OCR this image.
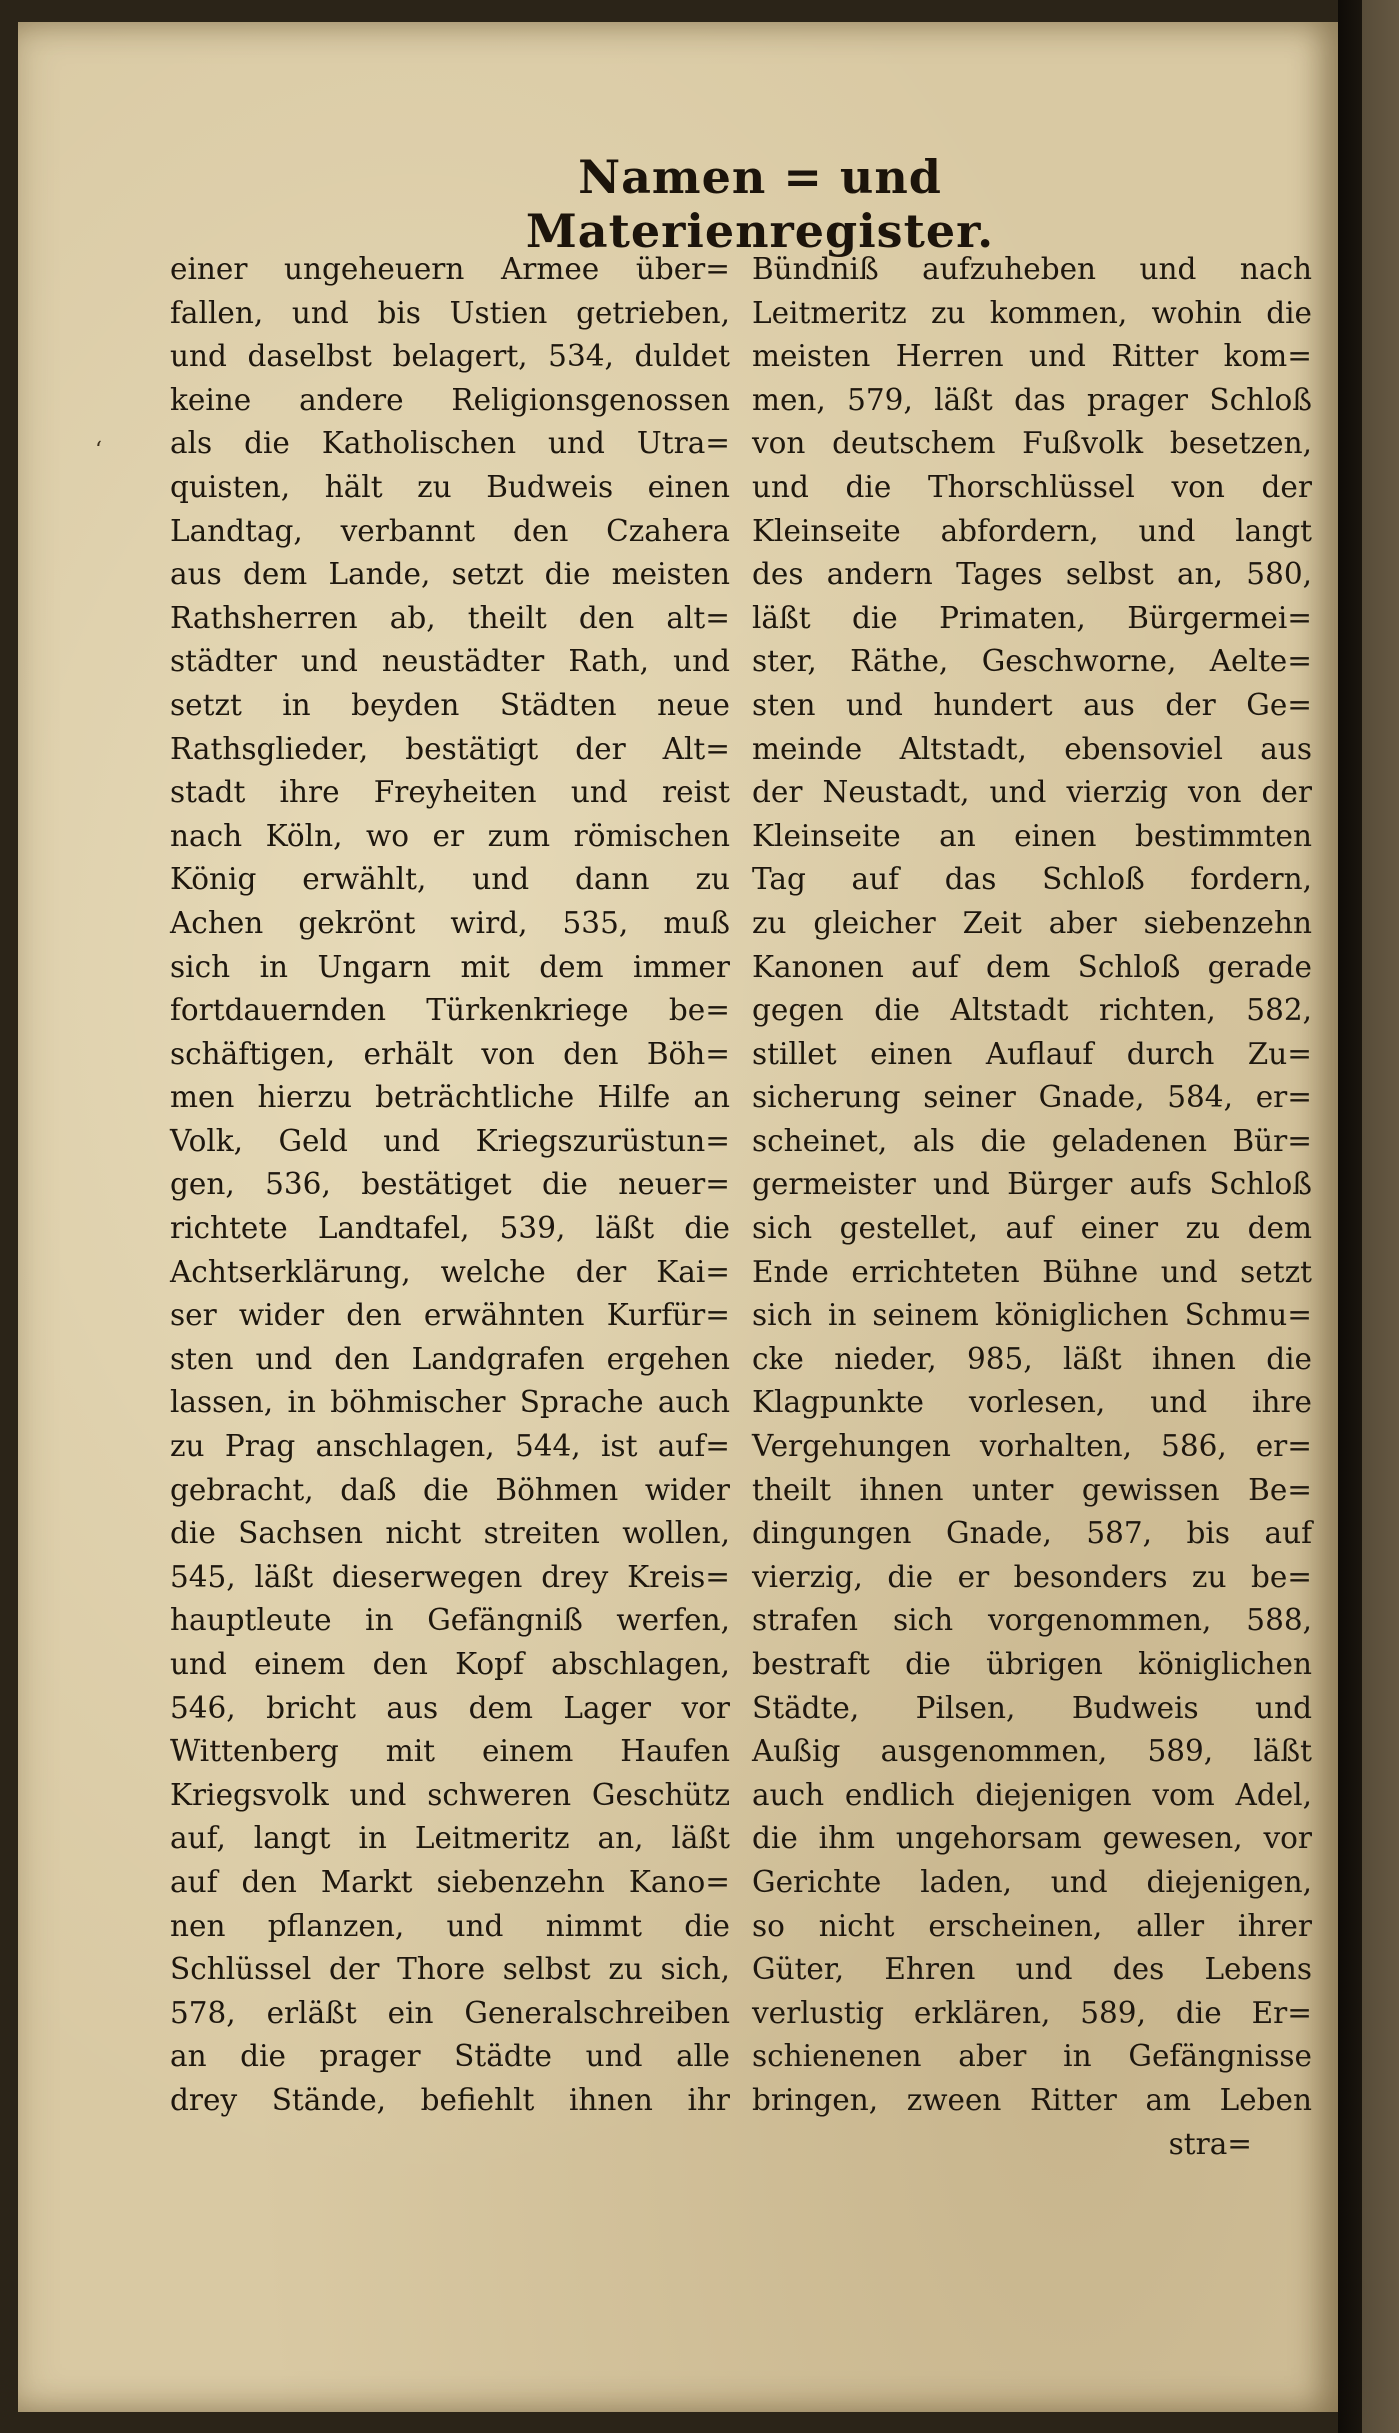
Namen = und Materienregister.
einer ungeheuern Armee über=
fallen, und bis Ustien getrieben,
und daselbst belagert, 534, duldet
keine andere Religionsgenossen
als die Katholischen und Utra=
quisten, hält zu Budweis einen
Landtag, verbannt den Czahera
aus dem Lande, setzt die meisten
Rathsherren ab, theilt den alt=
städter und neustädter Rath, und
setzt in beyden Städten neue
Rathsglieder, bestätigt der Alt=
stadt ihre Freyheiten und reist
nach Köln, wo er zum römischen
König erwählt, und dann zu
Achen gekrönt wird, 535, muß
sich in Ungarn mit dem immer
fortdauernden Türkenkriege be=
schäftigen, erhält von den Böh=
men hierzu beträchtliche Hilfe an
Volk, Geld und Kriegszurüstun=
gen, 536, bestätiget die neuer=
richtete Landtafel, 539, läßt die
Achtserklärung, welche der Kai=
ser wider den erwähnten Kurfür=
sten und den Landgrafen ergehen
lassen, in böhmischer Sprache auch
zu Prag anschlagen, 544, ist auf=
gebracht, daß die Böhmen wider
die Sachsen nicht streiten wollen,
545, läßt dieserwegen drey Kreis=
hauptleute in Gefängniß werfen,
und einem den Kopf abschlagen,
546, bricht aus dem Lager vor
Wittenberg mit einem Haufen
Kriegsvolk und schweren Geschütz
auf, langt in Leitmeritz an, läßt
auf den Markt siebenzehn Kano=
nen pflanzen, und nimmt die
Schlüssel der Thore selbst zu sich,
578, erläßt ein Generalschreiben
an die prager Städte und alle
drey Stände, befiehlt ihnen ihr
Bündniß aufzuheben und nach
Leitmeritz zu kommen, wohin die
meisten Herren und Ritter kom=
men, 579, läßt das prager Schloß
von deutschem Fußvolk besetzen,
und die Thorschlüssel von der
Kleinseite abfordern, und langt
des andern Tages selbst an, 580,
läßt die Primaten, Bürgermei=
ster, Räthe, Geschworne, Aelte=
sten und hundert aus der Ge=
meinde Altstadt, ebensoviel aus
der Neustadt, und vierzig von der
Kleinseite an einen bestimmten
Tag auf das Schloß fordern,
zu gleicher Zeit aber siebenzehn
Kanonen auf dem Schloß gerade
gegen die Altstadt richten, 582,
stillet einen Auflauf durch Zu=
sicherung seiner Gnade, 584, er=
scheinet, als die geladenen Bür=
germeister und Bürger aufs Schloß
sich gestellet, auf einer zu dem
Ende errichteten Bühne und setzt
sich in seinem königlichen Schmu=
cke nieder, 985, läßt ihnen die
Klagpunkte vorlesen, und ihre
Vergehungen vorhalten, 586, er=
theilt ihnen unter gewissen Be=
dingungen Gnade, 587, bis auf
vierzig, die er besonders zu be=
strafen sich vorgenommen, 588,
bestraft die übrigen königlichen
Städte, Pilsen, Budweis und
Außig ausgenommen, 589, läßt
auch endlich diejenigen vom Adel,
die ihm ungehorsam gewesen, vor
Gerichte laden, und diejenigen,
so nicht erscheinen, aller ihrer
Güter, Ehren und des Lebens
verlustig erklären, 589, die Er=
schienenen aber in Gefängnisse
bringen, zween Ritter am Leben
stra=
‘
